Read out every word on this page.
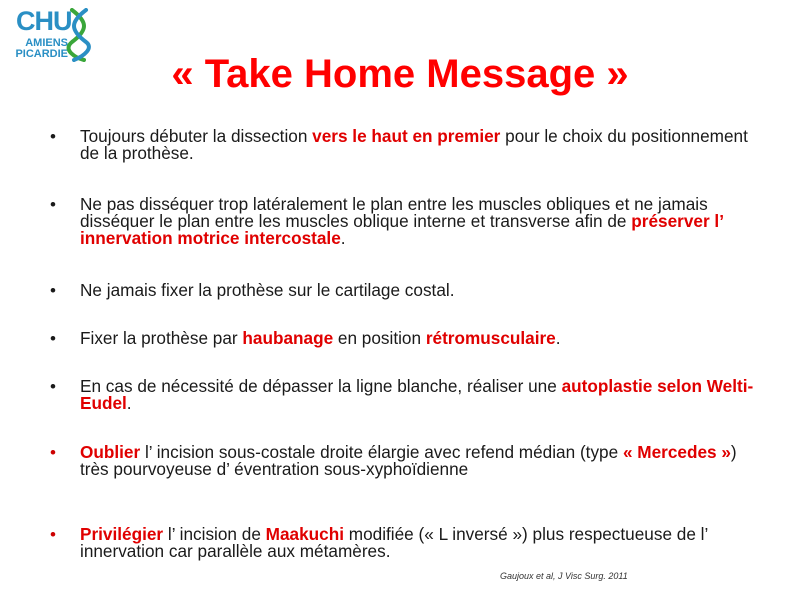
CHU
AMIENS
PICARDIE	« Take Home Message »
• Toujours débuter la dissection vers le haut en premier pour le choix du positionnement de la prothèse.
• Ne pas disséquer trop latéralement le plan entre les muscles obliques et ne jamais disséquer le plan entre les muscles oblique interne et transverse afin de préserver l’ innervation motrice intercostale.
• Ne jamais fixer la prothèse sur le cartilage costal.
• Fixer la prothèse par haubanage en position rétromusculaire.
• En cas de nécessité de dépasser la ligne blanche, réaliser une autoplastie selon Welti-Eudel.
• Oublier l’ incision sous-costale droite élargie avec refend médian (type « Mercedes ») très pourvoyeuse d’ éventration sous-xyphoïdienne
• Privilégier l’ incision de Maakuchi modifiée (« L inversé ») plus respectueuse de l’ innervation car parallèle aux métamères.
Gaujoux et al, J Visc Surg. 2011
